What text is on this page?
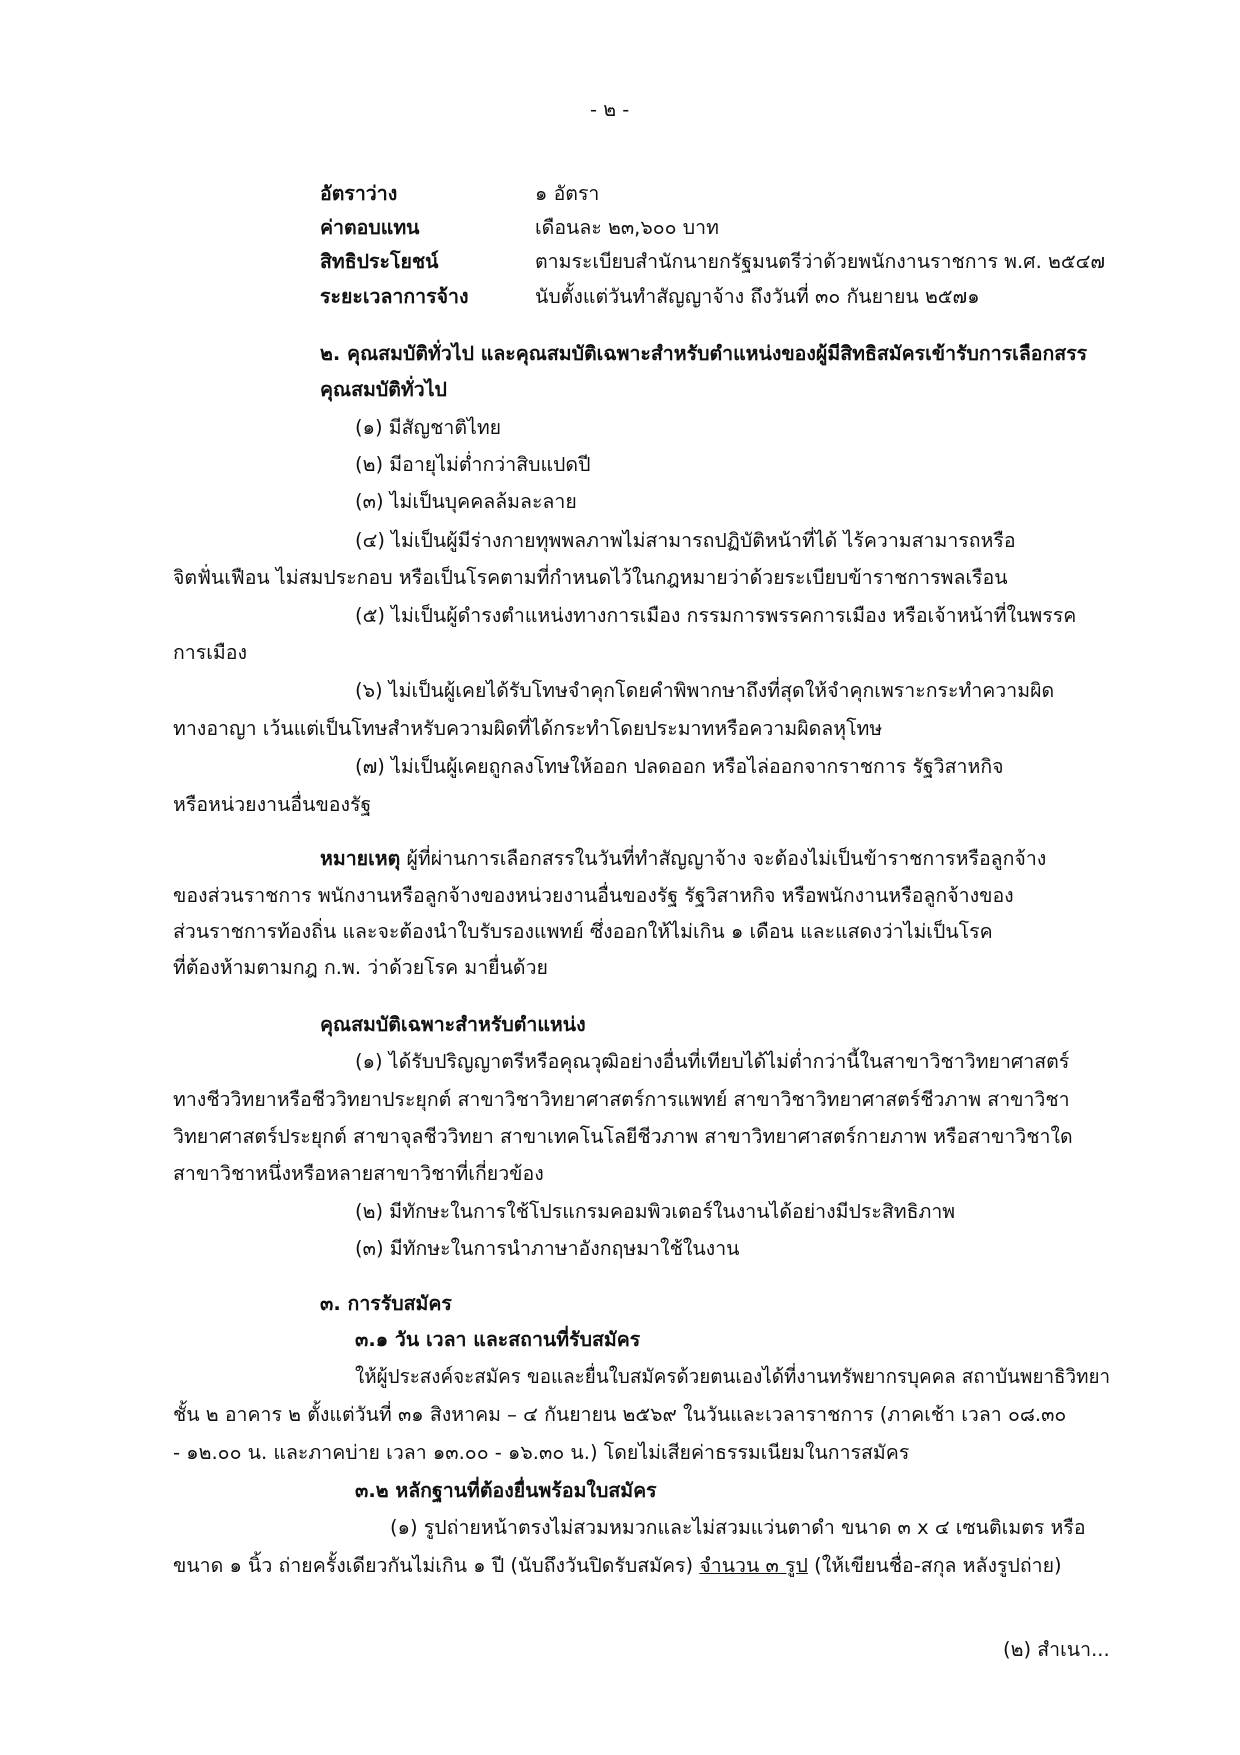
- ๒ -
อัตราว่าง	๑ อัตรา
ค่าตอบแทน	เดือนละ ๒๓,๖๐๐ บาท
สิทธิประโยชน์	ตามระเบียบสำนักนายกรัฐมนตรีว่าด้วยพนักงานราชการ พ.ศ. ๒๕๔๗
ระยะเวลาการจ้าง	นับตั้งแต่วันทำสัญญาจ้าง ถึงวันที่ ๓๐ กันยายน ๒๕๗๑
๒. คุณสมบัติทั่วไป และคุณสมบัติเฉพาะสำหรับตำแหน่งของผู้มีสิทธิสมัครเข้ารับการเลือกสรร
คุณสมบัติทั่วไป
(๑) มีสัญชาติไทย
(๒) มีอายุไม่ต่ำกว่าสิบแปดปี
(๓) ไม่เป็นบุคคลล้มละลาย
(๔) ไม่เป็นผู้มีร่างกายทุพพลภาพไม่สามารถปฏิบัติหน้าที่ได้ ไร้ความสามารถหรือ
จิตฟั่นเฟือน ไม่สมประกอบ หรือเป็นโรคตามที่กำหนดไว้ในกฎหมายว่าด้วยระเบียบข้าราชการพลเรือน
(๕) ไม่เป็นผู้ดำรงตำแหน่งทางการเมือง กรรมการพรรคการเมือง หรือเจ้าหน้าที่ในพรรค
การเมือง
(๖) ไม่เป็นผู้เคยได้รับโทษจำคุกโดยคำพิพากษาถึงที่สุดให้จำคุกเพราะกระทำความผิด
ทางอาญา เว้นแต่เป็นโทษสำหรับความผิดที่ได้กระทำโดยประมาทหรือความผิดลหุโทษ
(๗) ไม่เป็นผู้เคยถูกลงโทษให้ออก ปลดออก หรือไล่ออกจากราชการ รัฐวิสาหกิจ
หรือหน่วยงานอื่นของรัฐ
หมายเหตุ ผู้ที่ผ่านการเลือกสรรในวันที่ทำสัญญาจ้าง จะต้องไม่เป็นข้าราชการหรือลูกจ้าง
ของส่วนราชการ พนักงานหรือลูกจ้างของหน่วยงานอื่นของรัฐ รัฐวิสาหกิจ หรือพนักงานหรือลูกจ้างของ
ส่วนราชการท้องถิ่น และจะต้องนำใบรับรองแพทย์ ซึ่งออกให้ไม่เกิน ๑ เดือน และแสดงว่าไม่เป็นโรค
ที่ต้องห้ามตามกฎ ก.พ. ว่าด้วยโรค มายื่นด้วย
คุณสมบัติเฉพาะสำหรับตำแหน่ง
(๑) ได้รับปริญญาตรีหรือคุณวุฒิอย่างอื่นที่เทียบได้ไม่ต่ำกว่านี้ในสาขาวิชาวิทยาศาสตร์
ทางชีววิทยาหรือชีววิทยาประยุกต์ สาขาวิชาวิทยาศาสตร์การแพทย์ สาขาวิชาวิทยาศาสตร์ชีวภาพ สาขาวิชา
วิทยาศาสตร์ประยุกต์ สาขาจุลชีววิทยา สาขาเทคโนโลยีชีวภาพ สาขาวิทยาศาสตร์กายภาพ หรือสาขาวิชาใด
สาขาวิชาหนึ่งหรือหลายสาขาวิชาที่เกี่ยวข้อง
(๒) มีทักษะในการใช้โปรแกรมคอมพิวเตอร์ในงานได้อย่างมีประสิทธิภาพ
(๓) มีทักษะในการนำภาษาอังกฤษมาใช้ในงาน
๓. การรับสมัคร
๓.๑ วัน เวลา และสถานที่รับสมัคร
ให้ผู้ประสงค์จะสมัคร ขอและยื่นใบสมัครด้วยตนเองได้ที่งานทรัพยากรบุคคล สถาบันพยาธิวิทยา
ชั้น ๒ อาคาร ๒ ตั้งแต่วันที่ ๓๑ สิงหาคม – ๔ กันยายน ๒๕๖๙ ในวันและเวลาราชการ (ภาคเช้า เวลา ๐๘.๓๐
- ๑๒.๐๐ น. และภาคบ่าย เวลา ๑๓.๐๐ - ๑๖.๓๐ น.) โดยไม่เสียค่าธรรมเนียมในการสมัคร
๓.๒ หลักฐานที่ต้องยื่นพร้อมใบสมัคร
(๑) รูปถ่ายหน้าตรงไม่สวมหมวกและไม่สวมแว่นตาดำ ขนาด ๓ x ๔ เซนติเมตร หรือ
ขนาด ๑ นิ้ว ถ่ายครั้งเดียวกันไม่เกิน ๑ ปี (นับถึงวันปิดรับสมัคร) จำนวน ๓ รูป (ให้เขียนชื่อ-สกุล หลังรูปถ่าย)
(๒) สำเนา...
